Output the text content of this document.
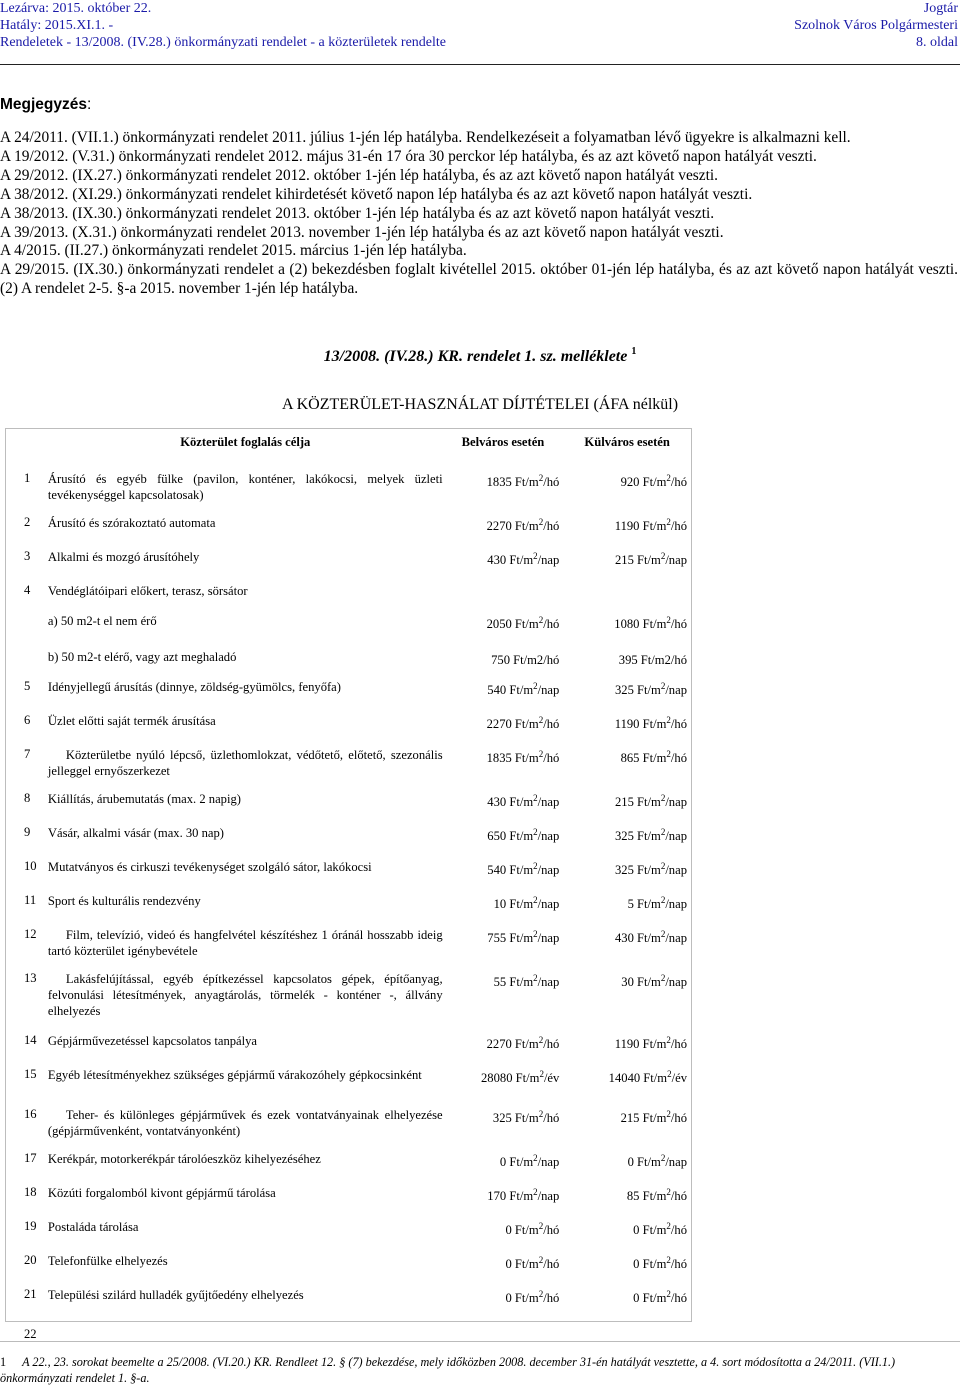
Lezárva: 2015. október 22.
Hatály: 2015.XI.1. -
Rendeletek - 13/2008. (IV.28.) önkormányzati rendelet - a közterületek rendelte
Jogtár
Szolnok Város Polgármesteri
8. oldal
Megjegyzés:

A 24/2011. (VII.1.) önkormányzati rendelet 2011. július 1-jén lép hatályba. Rendelkezéseit a folyamatban lévő ügyekre is alkalmazni kell.

A 19/2012. (V.31.) önkormányzati rendelet 2012. május 31-én 17 óra 30 perckor lép hatályba, és az azt követő napon hatályát veszti.

A 29/2012. (IX.27.) önkormányzati rendelet 2012. október 1-jén lép hatályba, és az azt követő napon hatályát veszti.

A 38/2012. (XI.29.) önkormányzati rendelet kihirdetését követő napon lép hatályba és az azt követő napon hatályát veszti.

A 38/2013. (IX.30.) önkormányzati rendelet 2013. október 1-jén lép hatályba és az azt követő napon hatályát veszti.

A 39/2013. (X.31.) önkormányzati rendelet 2013. november 1-jén lép hatályba és az azt követő napon hatályát veszti.

A 4/2015. (II.27.) önkormányzati rendelet 2015. március 1-jén lép hatályba.

A 29/2015. (IX.30.) önkormányzati rendelet a (2) bekezdésben foglalt kivétellel 2015. október 01-jén lép hatályba, és az azt követő napon hatályát veszti. (2) A rendelet 2-5. §-a 2015. november 1-jén lép hatályba.

13/2008. (IV.28.) KR. rendelet 1. sz. melléklete $^1$
A KÖZTERÜLET-HASZNÁLAT DÍJTÉTELEI (ÁFA nélkül)
	Közterület foglalás célja	Belváros esetén	Külváros esetén
1	Árusító és egyéb fülke (pavilon, konténer, lakókocsi, melyek üzleti tevékenységgel kapcsolatosak)	1835 $Ft/m^2/hó$	920 $Ft/m^2/hó$
2	Árusító és szórakoztató automata	2270 $Ft/m^2/hó$	1190 $Ft/m^2/hó$
3	Alkalmi és mozgó árusítóhely	430 $Ft/m^2$/nap	215 $Ft/m^2$/nap
4	Vendéglátóipari előkert, terasz, sörsátor		
	a) 50 m2-t el nem érő	2050 $Ft/m^2/hó$	1080 $Ft/m^2/hó$
	b) 50 m2-t elérő, vagy azt meghaladó	750 Ft/m2/hó	395 Ft/m2/hó
5	Idényjellegű árusítás (dinnye, zöldség-gyümölcs, fenyőfa)	540 $Ft/m^2$/nap	325 $Ft/m^2$/nap
6	Üzlet előtti saját termék árusítása	2270 $Ft/m^2/hó$	1190 $Ft/m^2/hó$
7	Közterületbe nyúló lépcső, üzlethomlokzat, védőtető, előtető, szezonális jelleggel ernyőszerkezet	1835 $Ft/m^2/hó$	865 $Ft/m^2/hó$
8	Kiállítás, árubemutatás (max. 2 napig)	430 $Ft/m^2$/nap	215 $Ft/m^2$/nap
9	Vásár, alkalmi vásár (max. 30 nap)	650 $Ft/m^2$/nap	325 $Ft/m^2$/nap
10	Mutatványos és cirkuszi tevékenységet szolgáló sátor, lakókocsi	540 $Ft/m^2$/nap	325 $Ft/m^2$/nap
11	Sport és kulturális rendezvény	10 $Ft/m^2$/nap	5 $Ft/m^2$/nap
12	Film, televízió, videó és hangfelvétel készítéshez 1 óránál hosszabb ideig tartó közterület igénybevétele	755 $Ft/m^2$/nap	430 $Ft/m^2$/nap
13	Lakásfelújítással, egyéb építkezéssel kapcsolatos gépek, építőanyag, felvonulási létesítmények, anyagtárolás, törmelék - konténer -, állvány elhelyezés	55 $Ft/m^2$/nap	30 $Ft/m^2$/nap
14	Gépjárművezetéssel kapcsolatos tanpálya	2270 $Ft/m^2/hó$	1190 $Ft/m^2/hó$
15	Egyéb létesítményekhez szükséges gépjármű várakozóhely gépkocsinként	28080 $Ft/m^2/év$	14040 $Ft/m^2/év$
16	Teher- és különleges gépjárművek és ezek vontatványainak elhelyezése (gépjárművenként, vontatványonként)	325 $Ft/m^2/hó$	215 $Ft/m^2/hó$
17	Kerékpár, motorkerékpár tárolóeszköz kihelyezéséhez	0 $Ft/m^2$/nap	0 $Ft/m^2$/nap
18	Közúti forgalomból kivont gépjármű tárolása	170 $Ft/m^2$/nap	85 $Ft/m^2/hó$
19	Postaláda tárolása	0 $Ft/m^2/hó$	0 $Ft/m^2/hó$
20	Telefonfülke elhelyezés	0 $Ft/m^2/hó$	0 $Ft/m^2/hó$
21	Települési szilárd hulladék gyűjtőedény elhelyezés	0 $Ft/m^2/hó$	0 $Ft/m^2/hó$
22			
1 A 22., 23. sorokat beemelte a 25/2008. (VI.20.) KR. Rendleet 12. § (7) bekezdése, mely időközben 2008. december 31-én hatályát vesztette, a 4. sort módosította a 24/2011. (VII.1.) önkormányzati rendelet 1. §-a.
